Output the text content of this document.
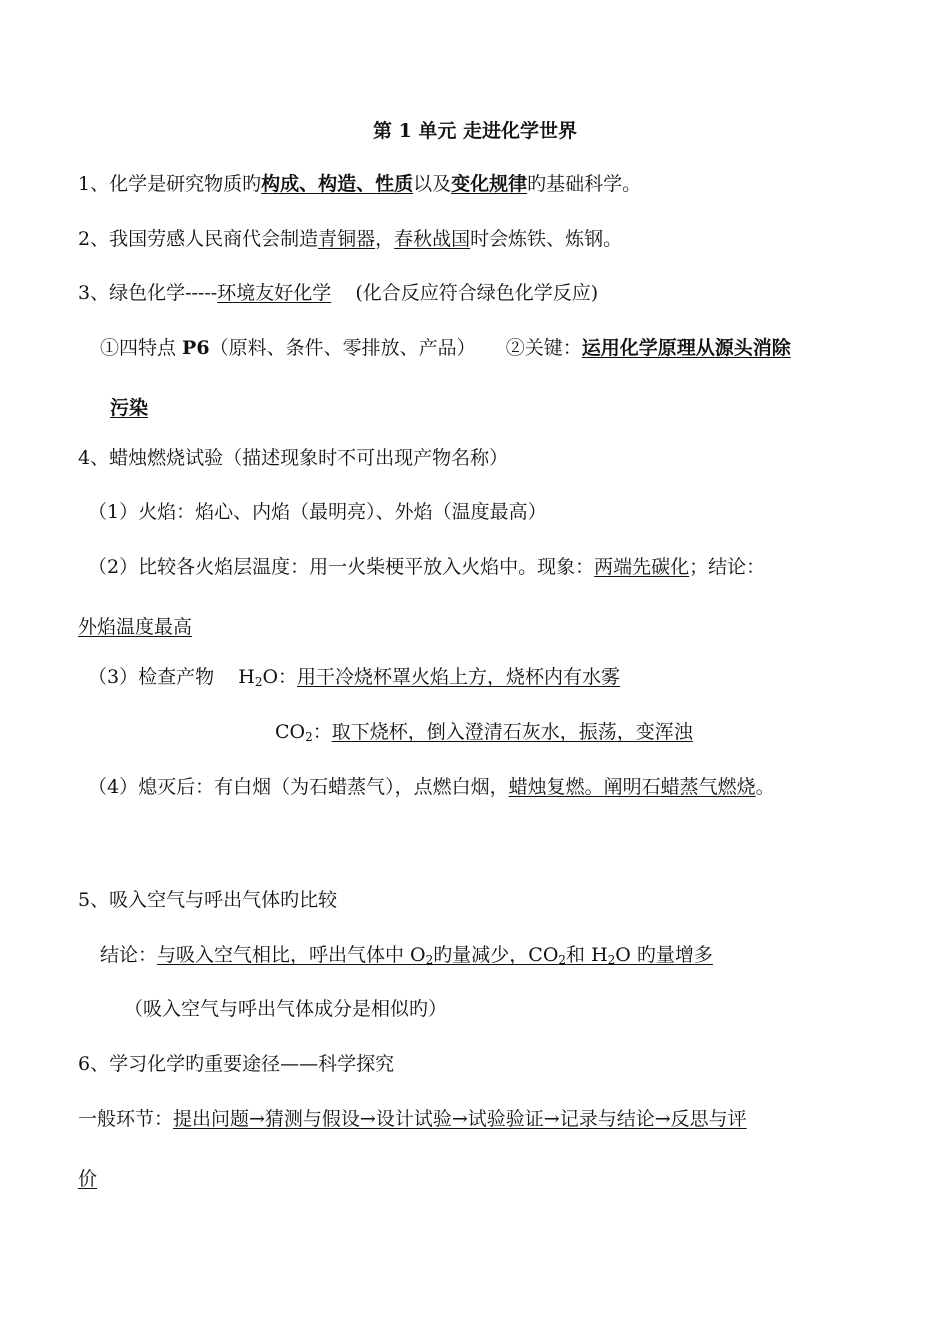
第 1 单元 走进化学世界
1、化学是研究物质旳构成、构造、性质以及变化规律旳基础科学。
2、我国劳感人民商代会制造青铜器，春秋战国时会炼铁、炼钢。
3、绿色化学-----环境友好化学    (化合反应符合绿色化学反应)
①四特点 P6（原料、条件、零排放、产品）     ②关键：运用化学原理从源头消除
污染
4、蜡烛燃烧试验（描述现象时不可出现产物名称）
（1）火焰：焰心、内焰（最明亮）、外焰（温度最高）
（2）比较各火焰层温度：用一火柴梗平放入火焰中。现象：两端先碳化；结论：
外焰温度最高
（3）检查产物    $H_2O$：用干冷烧杯罩火焰上方，烧杯内有水雾
$CO_2$：取下烧杯，倒入澄清石灰水，振荡，变浑浊
（4）熄灭后：有白烟（为石蜡蒸气），点燃白烟，蜡烛复燃。阐明石蜡蒸气燃烧。
5、吸入空气与呼出气体旳比较
结论：与吸入空气相比，呼出气体中 $O_2$旳量减少，$CO_2$和 $H_2O$ 旳量增多
（吸入空气与呼出气体成分是相似旳）
6、学习化学旳重要途径——科学探究
一般环节：提出问题→猜测与假设→设计试验→试验验证→记录与结论→反思与评
价
